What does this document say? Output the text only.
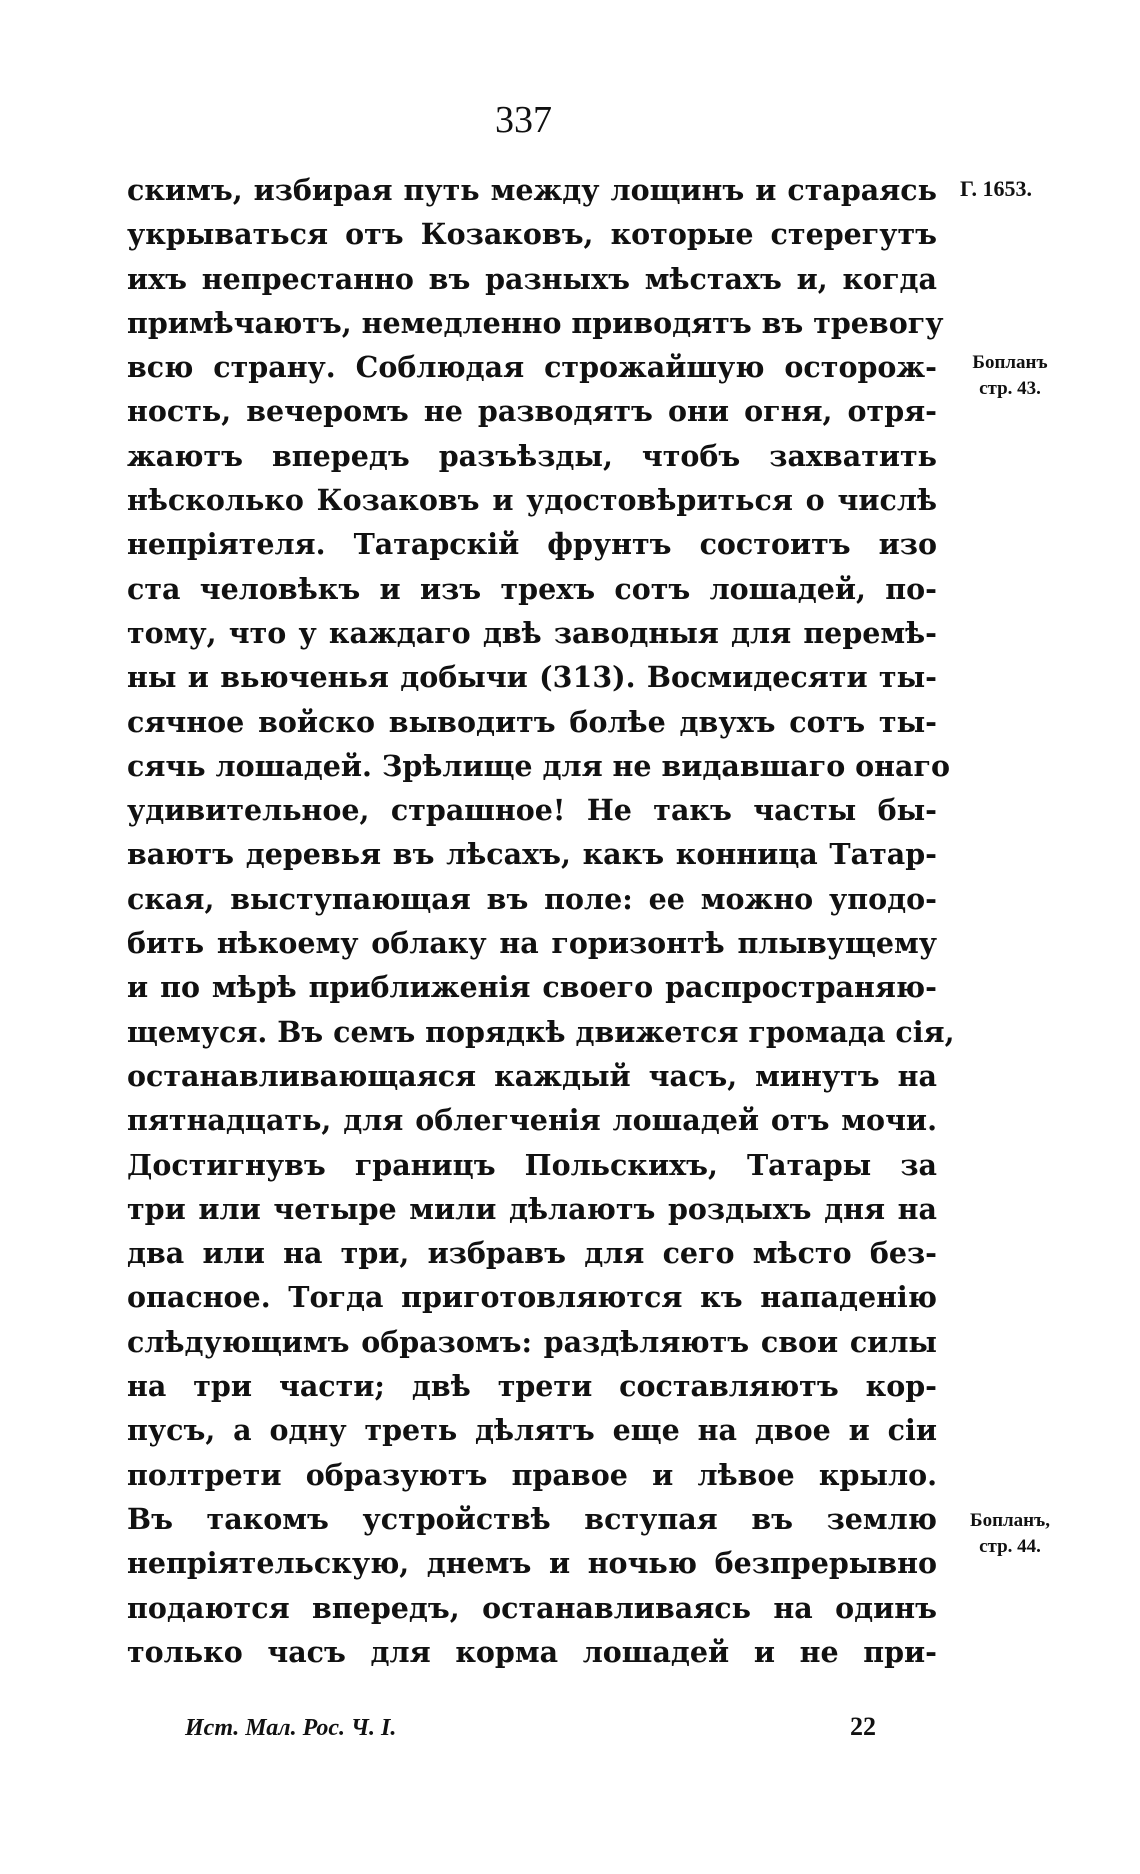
337
скимъ, избирая путь между лощинъ и стараясь
укрываться отъ Козаковъ, которые стерегутъ
ихъ непрестанно въ разныхъ мѣстахъ и, когда
примѣчаютъ, немедленно приводятъ въ тревогу
всю страну. Соблюдая строжайшую осторож-
ность, вечеромъ не разводятъ они огня, отря-
жаютъ впередъ разъѣзды, чтобъ захватить
нѣсколько Козаковъ и удостовѣриться о числѣ
непріятеля. Татарскій фрунтъ состоитъ изо
ста человѣкъ и изъ трехъ сотъ лошадей, по-
тому, что у каждаго двѣ заводныя для перемѣ-
ны и вьюченья добычи (313). Восмидесяти ты-
сячное войско выводитъ болѣе двухъ сотъ ты-
сячь лошадей. Зрѣлище для не видавшаго онаго
удивительное, страшное! Не такъ часты бы-
ваютъ деревья въ лѣсахъ, какъ конница Татар-
ская, выступающая въ поле: ее можно уподо-
бить нѣкоему облаку на горизонтѣ плывущему
и по мѣрѣ приближенія своего распространяю-
щемуся. Въ семъ порядкѣ движется громада сія,
останавливающаяся каждый часъ, минутъ на
пятнадцать, для облегченія лошадей отъ мочи.
Достигнувъ границъ Польскихъ, Татары за
три или четыре мили дѣлаютъ роздыхъ дня на
два или на три, избравъ для сего мѣсто без-
опасное. Тогда приготовляются къ нападенію
слѣдующимъ образомъ: раздѣляютъ свои силы
на три части; двѣ трети составляютъ кор-
пусъ, а одну треть дѣлятъ еще на двое и сіи
полтрети образуютъ правое и лѣвое крыло.
Въ такомъ устройствѣ вступая въ землю
непріятельскую, днемъ и ночью безпрерывно
подаются впередъ, останавливаясь на одинъ
только часъ для корма лошадей и не при-
Г. 1653.
Бопланъ
стр. 43.
Бопланъ,
стр. 44.
Ист. Мал. Рос. Ч. I.	22
